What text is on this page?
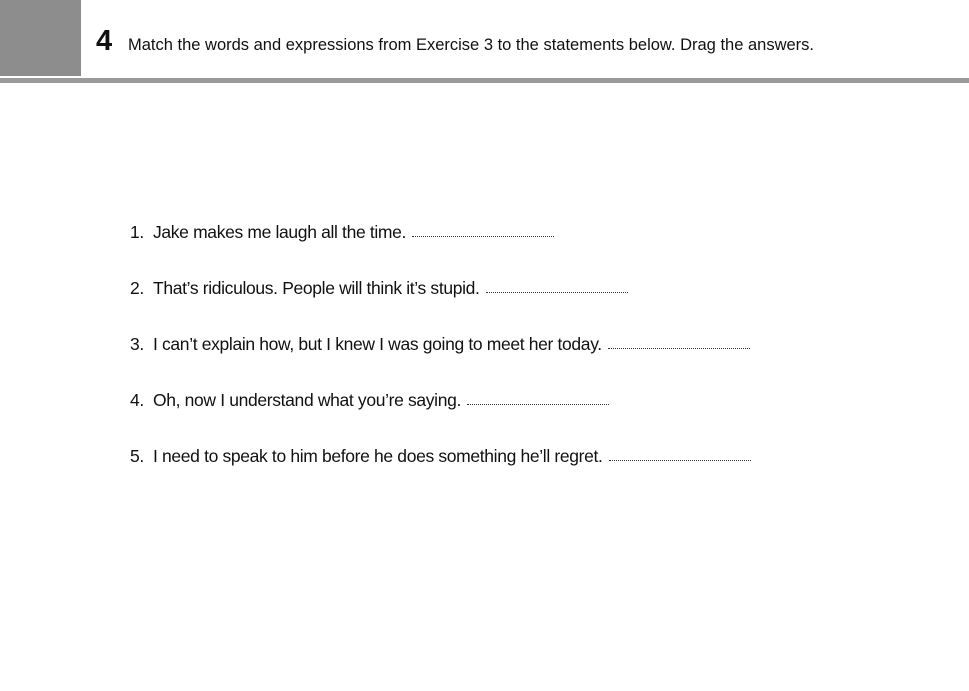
4 Match the words and expressions from Exercise 3 to the statements below. Drag the answers.
1. Jake makes me laugh all the time.
2. That’s ridiculous. People will think it’s stupid.
3. I can’t explain how, but I knew I was going to meet her today.
4. Oh, now I understand what you’re saying.
5. I need to speak to him before he does something he’ll regret.
